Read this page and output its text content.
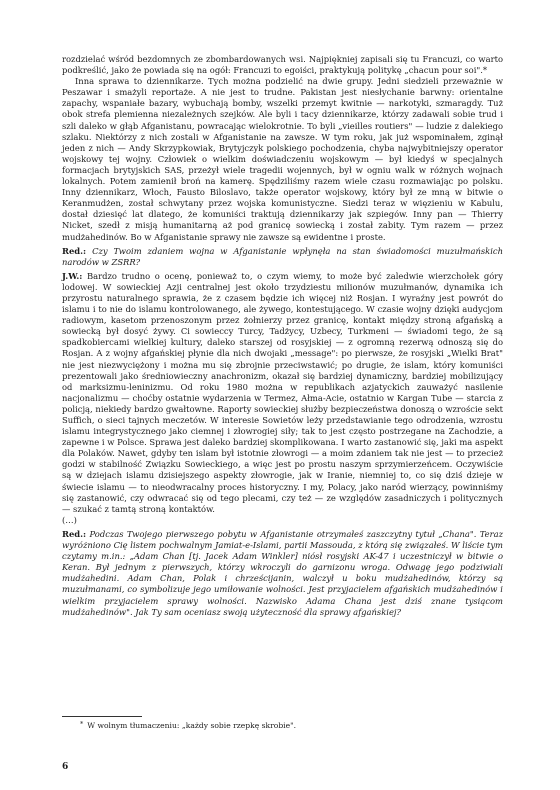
rozdzielać wśród bezdomnych ze zbombardowanych wsi. Najpiękniej zapisali się tu Francuzi, co warto podkreślić, jako że powiada się na ogół: Francuzi to egoiści, praktykują politykę „chacun pour soi".*

Inna sprawa to dziennikarze. Tych można podzielić na dwie grupy. Jedni siedzieli przeważnie w Peszawar i smażyli reportaże. A nie jest to trudne. Pakistan jest niesłychanie barwny: orientalne zapachy, wspaniałe bazary, wybuchają bomby, wszelki przemyt kwitnie — narkotyki, szmaragdy. Tuż obok strefa plemienna niezależnych szejków. Ale byli i tacy dziennikarze, którzy zadawali sobie trud i szli daleko w głąb Afganistanu, powracając wielokrotnie. To byli „vieilles routiers" — ludzie z dalekiego szlaku. Niektórzy z nich zostali w Afganistanie na zawsze. W tym roku, jak już wspominałem, zginął jeden z nich — Andy Skrzypkowiak, Brytyjczyk polskiego pochodzenia, chyba najwybitniejszy operator wojskowy tej wojny. Człowiek o wielkim doświadczeniu wojskowym — był kiedyś w specjalnych formacjach brytyjskich SAS, przeżył wiele tragedii wojennych, był w ogniu walk w różnych wojnach lokalnych. Potem zamienił broń na kamerę. Spędziliśmy razem wiele czasu rozmawiając po polsku. Inny dziennikarz, Włoch, Fausto Biloslavo, także operator wojskowy, który był ze mną w bitwie o Keranmudżen, został schwytany przez wojska komunistyczne. Siedzi teraz w więzieniu w Kabulu, dostał dziesięć lat dlatego, że komuniści traktują dziennikarzy jak szpiegów. Inny pan — Thierry Nicket, szedł z misją humanitarną aż pod granicę sowiecką i został zabity. Tym razem — przez mudżahedinów. Bo w Afganistanie sprawy nie zawsze są ewidentne i proste.

Red.: Czy Twoim zdaniem wojna w Afganistanie wpłynęła na stan świadomości muzułmańskich narodów w ZSRR?

J.W.: Bardzo trudno o ocenę, ponieważ to, o czym wiemy, to może być zaledwie wierzchołek góry lodowej. W sowieckiej Azji centralnej jest około trzydziestu milionów muzułmanów, dynamika ich przyrostu naturalnego sprawia, że z czasem będzie ich więcej niż Rosjan. I wyraźny jest powrót do islamu i to nie do islamu kontrolowanego, ale żywego, kontestującego. W czasie wojny dzięki audycjom radiowym, kasetom przenoszonym przez żołnierzy przez granicę, kontakt między stroną afgańską a sowiecką był dosyć żywy. Ci sowieccy Turcy, Tadżycy, Uzbecy, Turkmeni — świadomi tego, że są spadkobiercami wielkiej kultury, daleko starszej od rosyjskiej — z ogromną rezerwą odnoszą się do Rosjan. A z wojny afgańskiej płynie dla nich dwojaki „message": po pierwsze, że rosyjski „Wielki Brat" nie jest niezwyciężony i można mu się zbrojnie przeciwstawić; po drugie, że islam, który komuniści prezentowali jako średniowieczny anachronizm, okazał się bardziej dynamiczny, bardziej mobilizujący od marksizmu-leninizmu. Od roku 1980 można w republikach azjatyckich zauważyć nasilenie nacjonalizmu — choćby ostatnie wydarzenia w Termez, Ałma-Acie, ostatnio w Kargan Tube — starcia z policją, niekiedy bardzo gwałtowne. Raporty sowieckiej służby bezpieczeństwa donoszą o wzroście sekt Suffich, o sieci tajnych meczetów. W interesie Sowietów leży przedstawianie tego odrodzenia, wzrostu islamu integrystycznego jako ciemnej i złowrogiej siły; tak to jest często postrzegane na Zachodzie, a zapewne i w Polsce. Sprawa jest daleko bardziej skomplikowana. I warto zastanowić się, jaki ma aspekt dla Polaków. Nawet, gdyby ten islam był istotnie złowrogi — a moim zdaniem tak nie jest — to przecież godzi w stabilność Związku Sowieckiego, a więc jest po prostu naszym sprzymierzeńcem. Oczywiście są w dziejach islamu dzisiejszego aspekty złowrogie, jak w Iranie, niemniej to, co się dziś dzieje w świecie islamu — to nieodwracalny proces historyczny. I my, Polacy, jako naród wierzący, powinniśmy się zastanowić, czy odwracać się od tego plecami, czy też — ze względów zasadniczych i politycznych — szukać z tamtą stroną kontaktów.

(…)

Red.: Podczas Twojego pierwszego pobytu w Afganistanie otrzymałeś zaszczytny tytuł „Chana". Teraz wyróżniono Cię listem pochwalnym Jamiat-e-Islami, partii Massouda, z którą się związałeś. W liście tym czytamy m.in.: „Adam Chan [tj. Jacek Adam Winkler] niósł rosyjski AK-47 i uczestniczył w bitwie o Keran. Był jednym z pierwszych, którzy wkroczyli do garnizonu wroga. Odwagę jego podziwiali mudżahedini. Adam Chan, Polak i chrześcijanin, walczył u boku mudżahedinów, którzy są muzułmanami, co symbolizuje jego umiłowanie wolności. Jest przyjacielem afgańskich mudżahedinów i wielkim przyjacielem sprawy wolności. Nazwisko Adama Chana jest dziś znane tysiącom mudżahedinów". Jak Ty sam oceniasz swoją użyteczność dla sprawy afgańskiej?

* W wolnym tłumaczeniu: „każdy sobie rzepkę skrobie".
6
